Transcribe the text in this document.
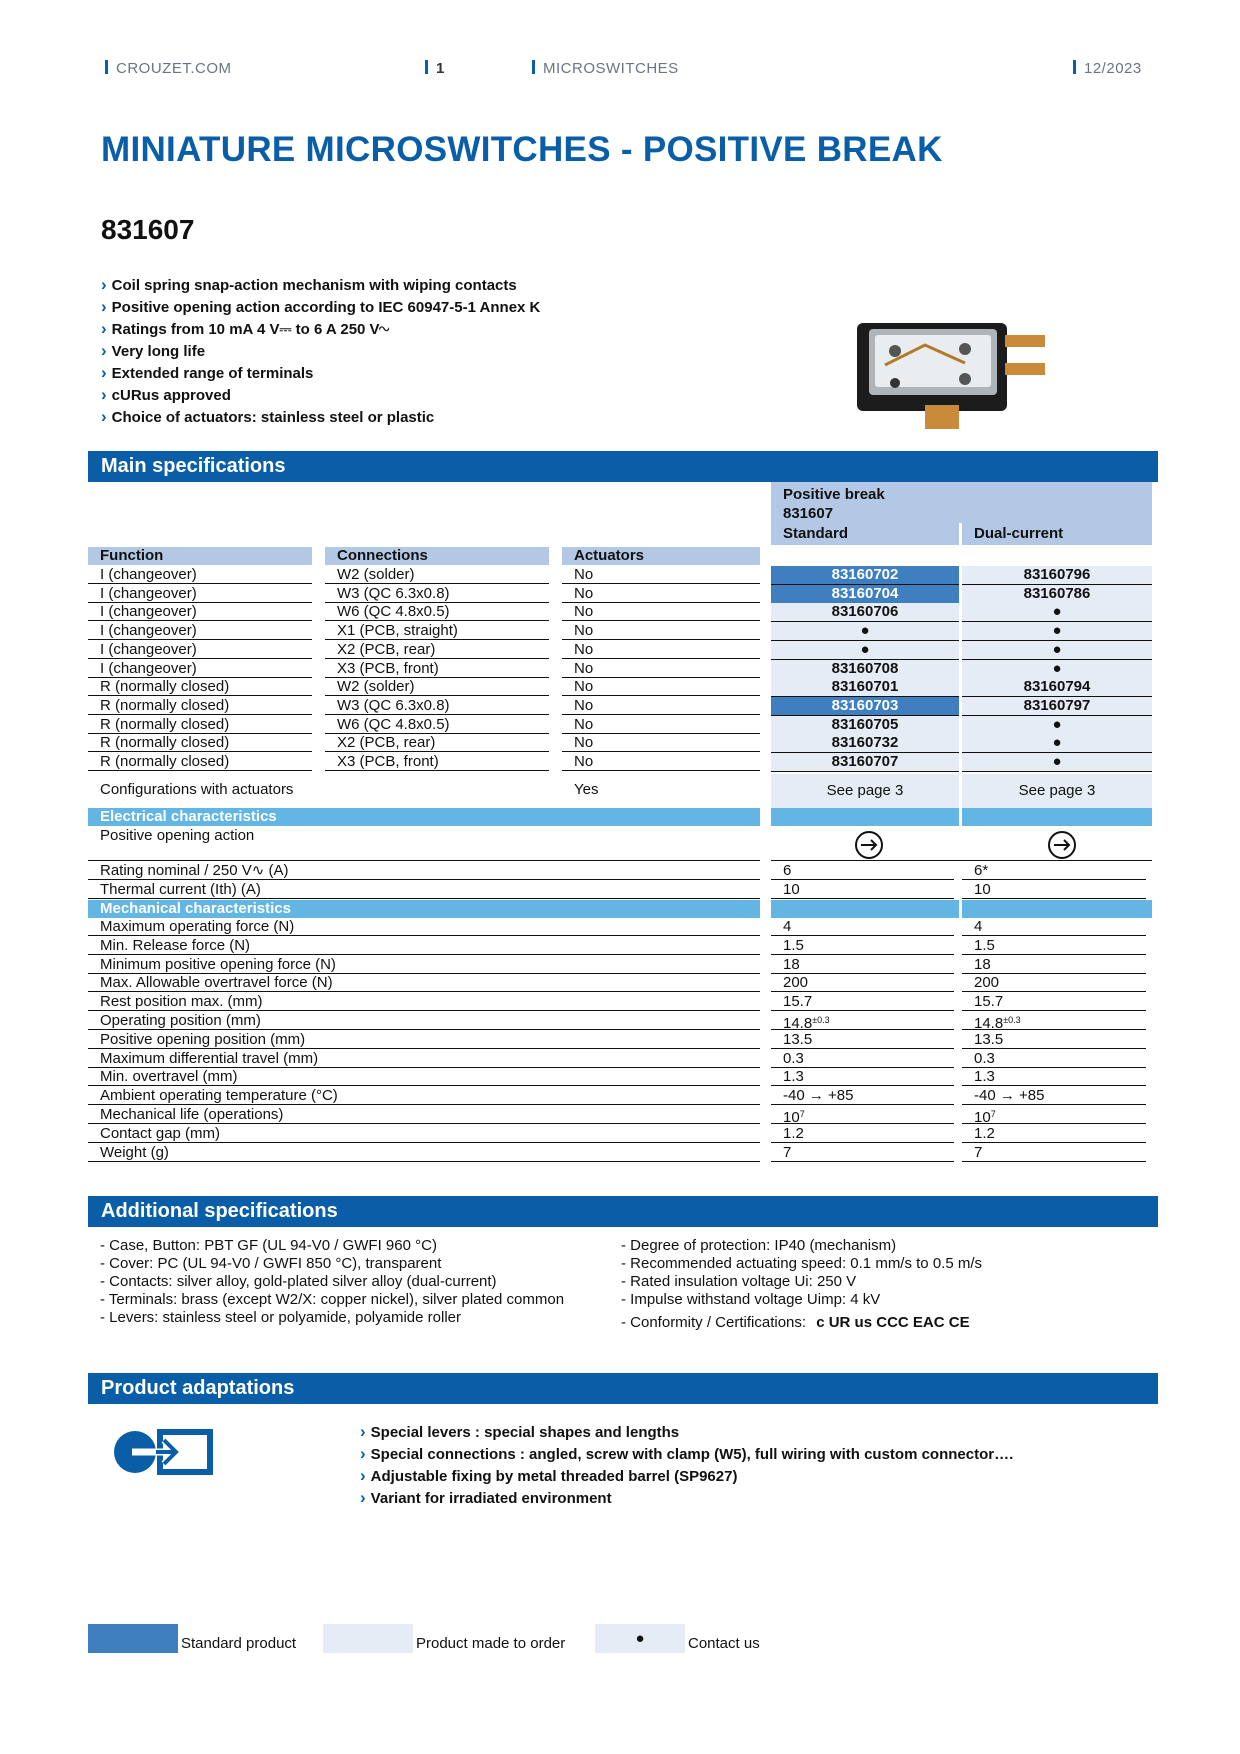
CROUZET.COM	1	MICROSWITCHES	12/2023
MINIATURE MICROSWITCHES - POSITIVE BREAK
831607
› Coil spring snap-action mechanism with wiping contacts
› Positive opening action according to IEC 60947-5-1 Annex K
› Ratings from 10 mA 4 V⎓ to 6 A 250 V∿
› Very long life
› Extended range of terminals
› cURus approved
› Choice of actuators: stainless steel or plastic
Main specifications
Positive break
831607
Standard	Dual-current
Function	Connections	Actuators
I (changeover)	W2 (solder)	No	83160702	83160796
I (changeover)	W3 (QC 6.3x0.8)	No	83160704	83160786
I (changeover)	W6 (QC 4.8x0.5)	No	83160706	●
I (changeover)	X1 (PCB, straight)	No	●	●
I (changeover)	X2 (PCB, rear)	No	●	●
I (changeover)	X3 (PCB, front)	No	83160708	●
R (normally closed)	W2 (solder)	No	83160701	83160794
R (normally closed)	W3 (QC 6.3x0.8)	No	83160703	83160797
R (normally closed)	W6 (QC 4.8x0.5)	No	83160705	●
R (normally closed)	X2 (PCB, rear)	No	83160732	●
R (normally closed)	X3 (PCB, front)	No	83160707	●
Configurations with actuators	Yes	See page 3	See page 3
Electrical characteristics
Positive opening action
Rating nominal / 250 V∿ (A)	6	6*
Thermal current (Ith) (A)	10	10
Mechanical characteristics
Maximum operating force (N)	4	4
Min. Release force (N)	1.5	1.5
Minimum positive opening force (N)	18	18
Max. Allowable overtravel force (N)	200	200
Rest position max. (mm)	15.7	15.7
Operating position (mm)	$14.8^{\pm 0.3}$	$14.8^{\pm 0.3}$
Positive opening position (mm)	13.5	13.5
Maximum differential travel (mm)	0.3	0.3
Min. overtravel (mm)	1.3	1.3
Ambient operating temperature (°C)	-40 → +85	-40 → +85
Mechanical life (operations)	$10^7$	$10^7$
Contact gap (mm)	1.2	1.2
Weight (g)	7	7
Additional specifications
- Case, Button: PBT GF (UL 94-V0 / GWFI 960 °C)
- Cover: PC (UL 94-V0 / GWFI 850 °C), transparent
- Contacts: silver alloy, gold-plated silver alloy (dual-current)
- Terminals: brass (except W2/X: copper nickel), silver plated common
- Levers: stainless steel or polyamide, polyamide roller
- Degree of protection: IP40 (mechanism)
- Recommended actuating speed: 0.1 mm/s to 0.5 m/s
- Rated insulation voltage Ui: 250 V
- Impulse withstand voltage Uimp: 4 kV
- Conformity / Certifications: c UR us CCC EAC CE
Product adaptations
› Special levers : special shapes and lengths
› Special connections : angled, screw with clamp (W5), full wiring with custom connector….
› Adjustable fixing by metal threaded barrel (SP9627)
› Variant for irradiated environment
Standard product	Product made to order	●	Contact us
